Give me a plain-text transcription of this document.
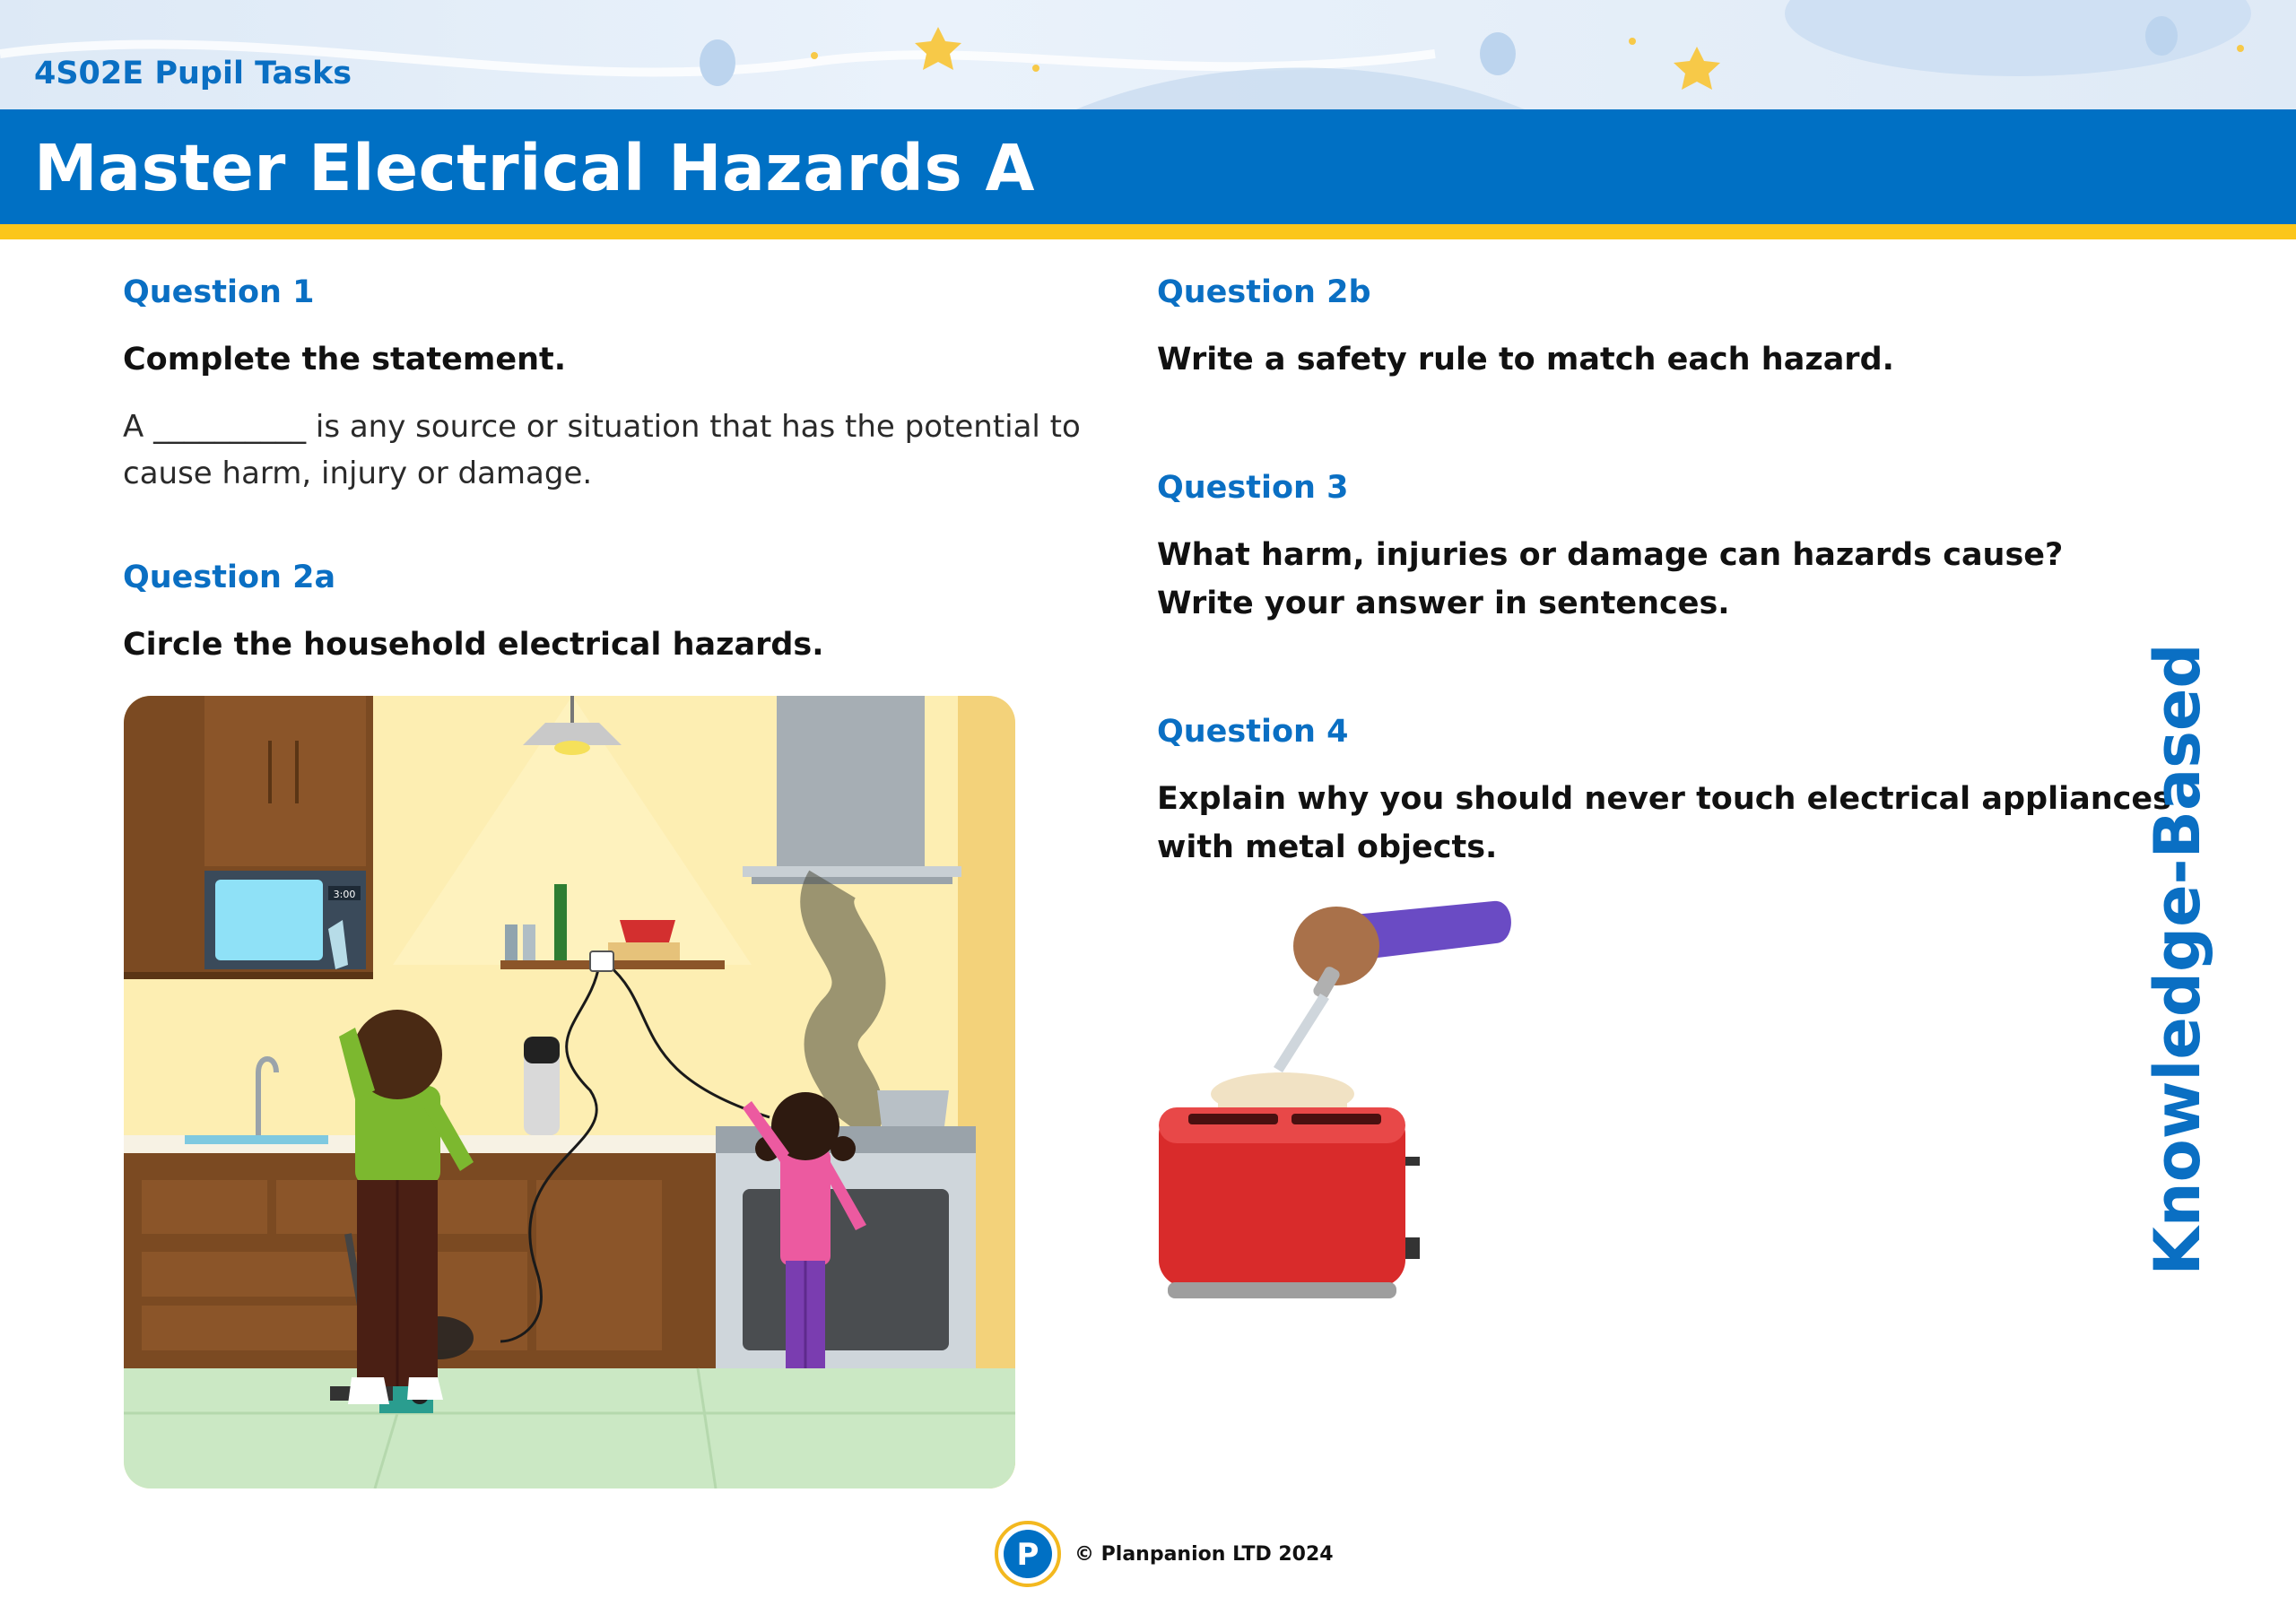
4S02E Pupil Tasks
Master Electrical Hazards A
Question 1
Complete the statement.
A __________ is any source or situation that has the potential to
cause harm, injury or damage.
Question 2a
Circle the household electrical hazards.
3:00
Question 2b
Write a safety rule to match each hazard.
Question 3
What harm, injuries or damage can hazards cause?
Write your answer in sentences.
Question 4
Explain why you should never touch electrical appliances
with metal objects.	Knowledge-Based
P © Planpanion LTD 2024
